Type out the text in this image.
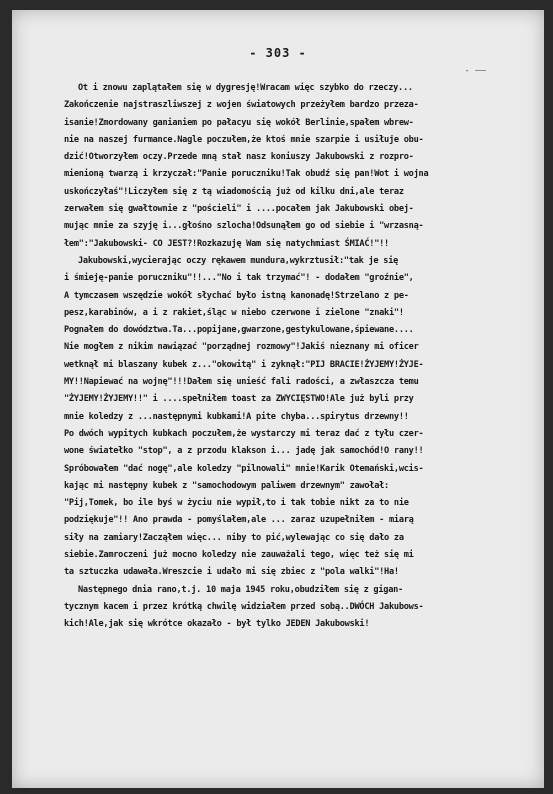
- 303 -
- ——
Ot i znowu zaplątałem się w dygresję!Wracam więc szybko do rzeczy...
Zakończenie najstraszliwszej z wojen światowych przeżyłem bardzo przeza-
isanie!Zmordowany ganianiem po pałacyu się wokół Berlinie,spałem wbrew-
nie na naszej furmance.Nagle poczułem,że ktoś mnie szarpie i usiłuje obu-
dzić!Otworzyłem oczy.Przede mną stał nasz koniuszy Jakubowski z rozpro-
mienioną twarzą i krzyczał:"Panie poruczniku!Tak obudź się pan!Wot i wojna
uskończyłaś"!Liczyłem się z tą wiadomością już od kilku dni,ale teraz
zerwałem się gwałtownie z "pościeli" i ....pocałem jak Jakubowski obej-
mując mnie za szyję i...głośno szlocha!Odsunąłem go od siebie i "wrzasną-
łem":"Jakubowski- CO JEST?!Rozkazuję Wam się natychmiast ŚMIAĆ!"!!
Jakubowski,wycierając oczy rękawem mundura,wykrztusił:"tak je się
i śmieję-panie poruczniku"!!..."No i tak trzymać"! - dodałem "groźnie",
A tymczasem wszędzie wokół słychać było istną kanonadę!Strzelano z pe-
pesz,karabinów, a i z rakiet,śląc w niebo czerwone i zielone "znaki"!
Pognałem do dowództwa.Ta...popijane,gwarzone,gestykulowane,śpiewane....
Nie mogłem z nikim nawiązać "porządnej rozmowy"!Jakiś nieznany mi oficer
wetknął mi blaszany kubek z..."okowitą" i zyknął:"PIJ BRACIE!ŻYJEMY!ŻYJE-
MY!!Napiewać na wojnę"!!!Dałem się unieść fali radości, a zwłaszcza temu
"ŻYJEMY!ŻYJEMY!!" i ....spełniłem toast za ZWYCIĘSTWO!Ale już byli przy
mnie koledzy z ...następnymi kubkami!A pite chyba...spirytus drzewny!!
Po dwóch wypitych kubkach poczułem,że wystarczy mi teraz dać z tyłu czer-
wone światełko "stop", a z przodu klakson i... jadę jak samochód!O rany!!
Spróbowałem "dać nogę",ale koledzy "pilnowali" mnie!Karik Otemański,wcis-
kając mi następny kubek z "samochodowym paliwem drzewnym" zawołał:
"Pij,Tomek, bo ile byś w życiu nie wypił,to i tak tobie nikt za to nie
podziękuje"!! Ano prawda - pomyślałem,ale ... zaraz uzupełniłem - miarą
siły na zamiary!Zacząłem więc... niby to pić,wylewając co się dało za
siebie.Zamroczeni już mocno koledzy nie zauważali tego, więc też się mi
ta sztuczka udawała.Wreszcie i udało mi się zbiec z "pola walki"!Ha!
Następnego dnia rano,t.j. 10 maja 1945 roku,obudziłem się z gigan-
tycznym kacem i przez krótką chwilę widziałem przed sobą..DWÓCH Jakubows-
kich!Ale,jak się wkrótce okazało - był tylko JEDEN Jakubowski!
